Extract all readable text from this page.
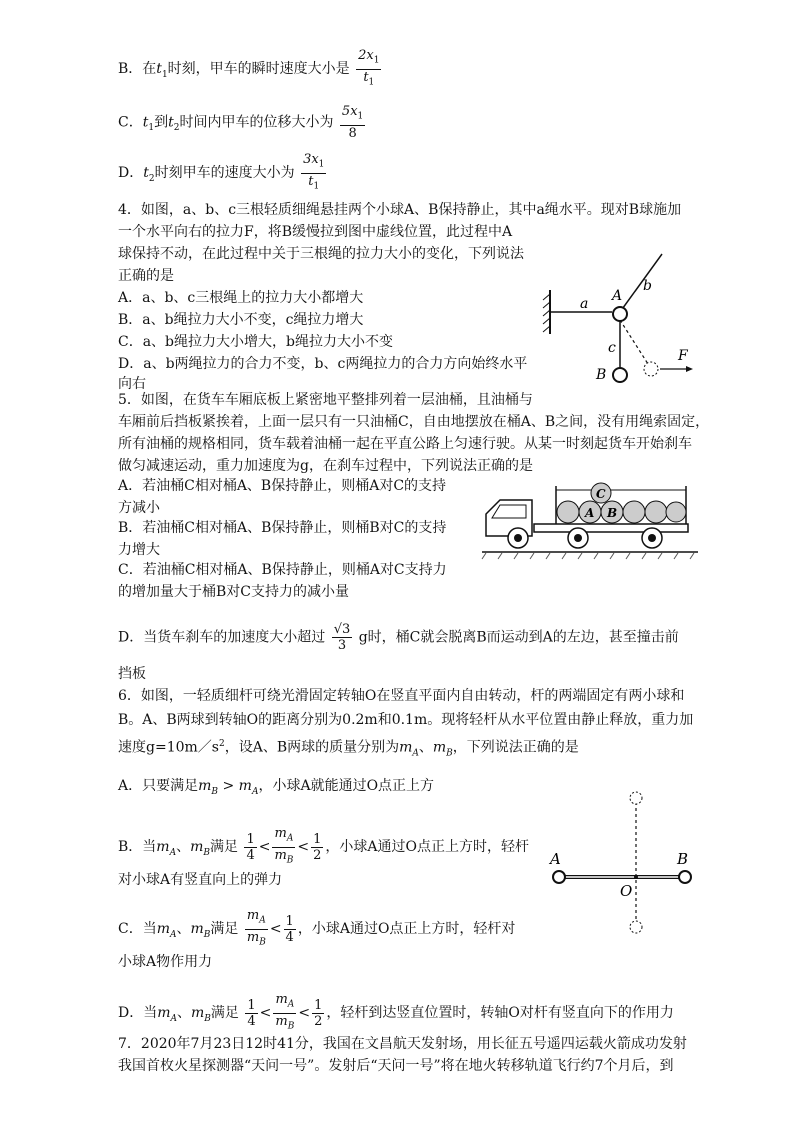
B．在$t_1$时刻，甲车的瞬时速度大小是 $\frac{2x_1}{t_1}$
C．$t_1$到$t_2$时间内甲车的位移大小为 $\frac{5x_1}{8}$
D．$t_2$时刻甲车的速度大小为 $\frac{3x_1}{t_1}$
4．如图，a、b、c三根轻质细绳悬挂两个小球A、B保持静止，其中a绳水平。现对B球施加
一个水平向右的拉力F，将B缓慢拉到图中虚线位置，此过程中A
球保持不动，在此过程中关于三根绳的拉力大小的变化，下列说法
正确的是
A．a、b、c三根绳上的拉力大小都增大
B．a、b绳拉力大小不变，c绳拉力增大
C．a、b绳拉力大小增大，b绳拉力大小不变
D．a、b两绳拉力的合力不变，b、c两绳拉力的合力方向始终水平
向右
a A
b
c
B
F
5．如图，在货车车厢底板上紧密地平整排列着一层油桶，且油桶与
车厢前后挡板紧挨着，上面一层只有一只油桶C，自由地摆放在桶A、B之间，没有用绳索固定，
所有油桶的规格相同，货车载着油桶一起在平直公路上匀速行驶。从某一时刻起货车开始刹车
做匀减速运动，重力加速度为g，在刹车过程中，下列说法正确的是
A．若油桶C相对桶A、B保持静止，则桶A对C的支持
方减小
B．若油桶C相对桶A、B保持静止，则桶B对C的支持
力增大
C．若油桶C相对桶A、B保持静止，则桶A对C支持力
的增加量大于桶B对C支持力的减小量
A B
C
D．当货车刹车的加速度大小超过 $\frac{√3}{3}$ g时，桶C就会脱离B而运动到A的左边，甚至撞击前
挡板
6．如图，一轻质细杆可绕光滑固定转轴O在竖直平面内自由转动，杆的两端固定有两小球和
B。A、B两球到转轴O的距离分别为0.2m和0.1m。现将轻杆从水平位置由静止释放，重力加
速度$g=10m/s^2$，设A、B两球的质量分别为$m_A$、$m_B$，下列说法正确的是
A．只要满足$m_B > m_A$，小球A就能通过O点正上方
B．当$m_A$、$m_B$满足 $\frac{1}{4} < \frac{m_A}{m_B} < \frac{1}{2}$ ，小球A通过O点正上方时，轻杆
对小球A有竖直向上的弹力
C．当$m_A$、$m_B$满足 $\frac{m_A}{m_B} < \frac{1}{4}$ ，小球A通过O点正上方时，轻杆对
小球A物作用力
D．当$m_A$、$m_B$满足 $\frac{1}{4} < \frac{m_A}{m_B} < \frac{1}{2}$ ，轻杆到达竖直位置时，转轴O对杆有竖直向下的作用力
A	B
O
7．2020年7月23日12时41分，我国在文昌航天发射场，用长征五号遥四运载火箭成功发射
我国首枚火星探测器“天问一号”。发射后“天问一号”将在地火转移轨道飞行约7个月后，到
